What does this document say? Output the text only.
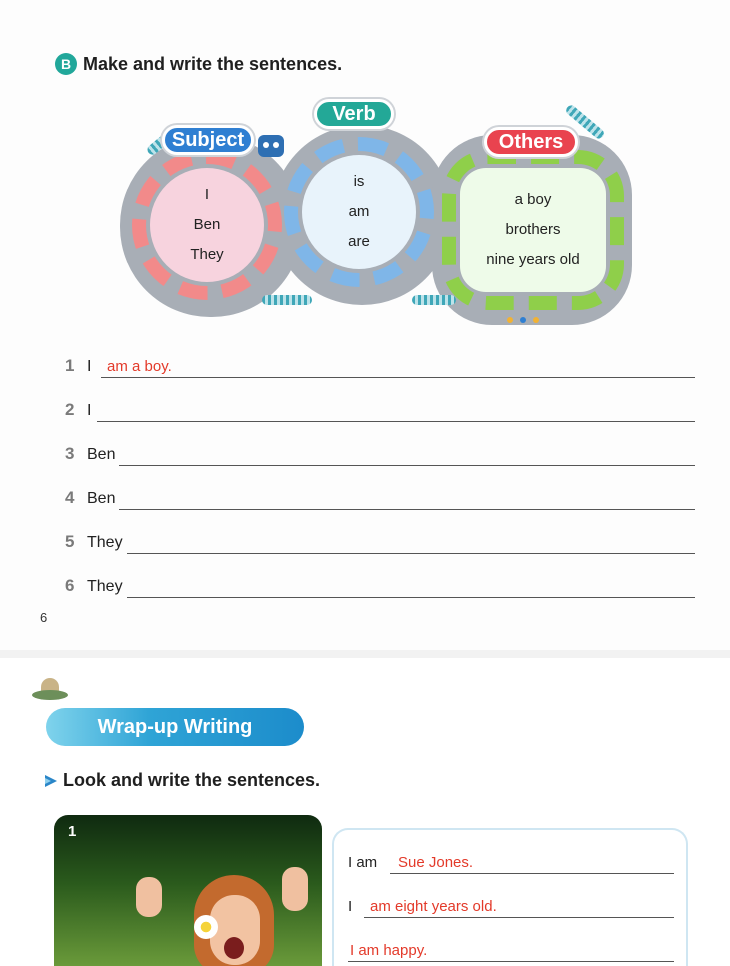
B Make and write the sentences.
I
Ben
They
is
am
are
a boy
brothers
nine years old
Subject
Verb
Others
1 I am a boy.
2 I
3 Ben
4 Ben
5 They
6 They
6
Wrap-up Writing
Look and write the sentences.
1
I am Sue Jones.
I am eight years old.
I am happy.
